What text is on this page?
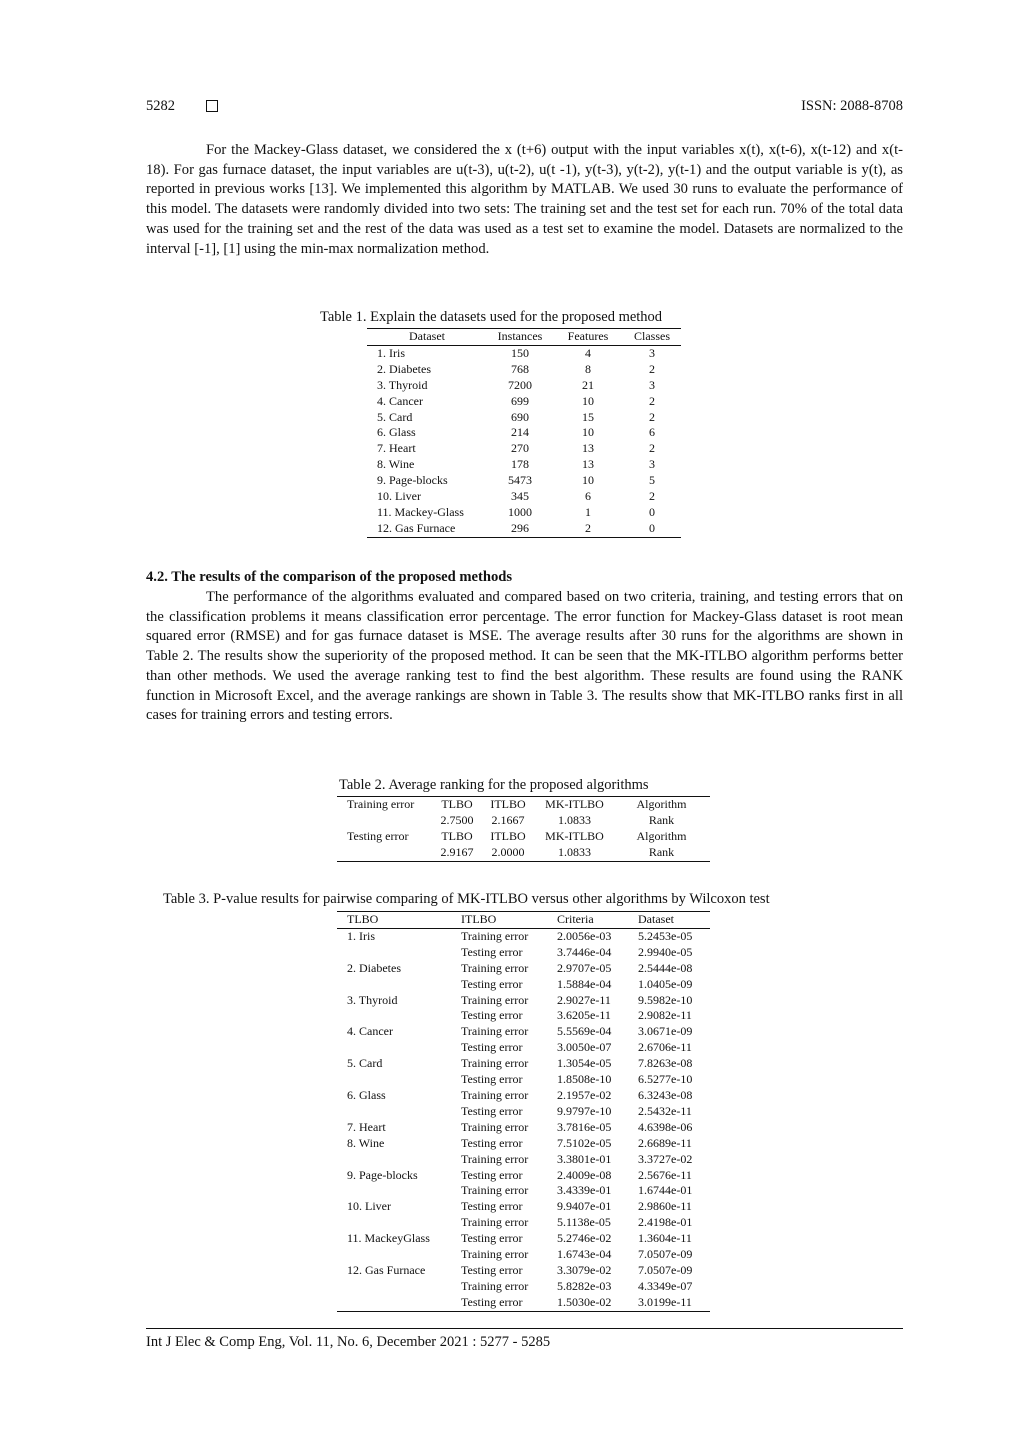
5282	ISSN: 2088-8708

For the Mackey-Glass dataset, we considered the x (t+6) output with the input variables x(t), x(t-6), x(t-12) and x(t-18). For gas furnace dataset, the input variables are u(t-3), u(t-2), u(t -1), y(t-3), y(t-2), y(t-1) and the output variable is y(t), as reported in previous works [13]. We implemented this algorithm by MATLAB. We used 30 runs to evaluate the performance of this model. The datasets were randomly divided into two sets: The training set and the test set for each run. 70% of the total data was used for the training set and the rest of the data was used as a test set to examine the model. Datasets are normalized to the interval [-1], [1] using the min-max normalization method.

Table 1. Explain the datasets used for the proposed method
Dataset	Instances	Features	Classes
1. Iris	150	4	3
2. Diabetes	768	8	2
3. Thyroid	7200	21	3
4. Cancer	699	10	2
5. Card	690	15	2
6. Glass	214	10	6
7. Heart	270	13	2
8. Wine	178	13	3
9. Page-blocks	5473	10	5
10. Liver	345	6	2
11. Mackey-Glass	1000	1	0
12. Gas Furnace	296	2	0
4.2. The results of the comparison of the proposed methods

The performance of the algorithms evaluated and compared based on two criteria, training, and testing errors that on the classification problems it means classification error percentage. The error function for Mackey-Glass dataset is root mean squared error (RMSE) and for gas furnace dataset is MSE. The average results after 30 runs for the algorithms are shown in Table 2. The results show the superiority of the proposed method. It can be seen that the MK-ITLBO algorithm performs better than other methods. We used the average ranking test to find the best algorithm. These results are found using the RANK function in Microsoft Excel, and the average rankings are shown in Table 3. The results show that MK-ITLBO ranks first in all cases for training errors and testing errors.

Table 2. Average ranking for the proposed algorithms
Training error	TLBO	ITLBO	MK-ITLBO	Algorithm
	2.7500	2.1667	1.0833	Rank
Testing error	TLBO	ITLBO	MK-ITLBO	Algorithm
	2.9167	2.0000	1.0833	Rank
Table 3. P-value results for pairwise comparing of MK-ITLBO versus other algorithms by Wilcoxon test
TLBO	ITLBO	Criteria	Dataset
1. Iris	Training error	2.0056e-03	5.2453e-05
	Testing error	3.7446e-04	2.9940e-05
2. Diabetes	Training error	2.9707e-05	2.5444e-08
	Testing error	1.5884e-04	1.0405e-09
3. Thyroid	Training error	2.9027e-11	9.5982e-10
	Testing error	3.6205e-11	2.9082e-11
4. Cancer	Training error	5.5569e-04	3.0671e-09
	Testing error	3.0050e-07	2.6706e-11
5. Card	Training error	1.3054e-05	7.8263e-08
	Testing error	1.8508e-10	6.5277e-10
6. Glass	Training error	2.1957e-02	6.3243e-08
	Testing error	9.9797e-10	2.5432e-11
7. Heart	Training error	3.7816e-05	4.6398e-06
8. Wine	Testing error	7.5102e-05	2.6689e-11
	Training error	3.3801e-01	3.3727e-02
9. Page-blocks	Testing error	2.4009e-08	2.5676e-11
	Training error	3.4339e-01	1.6744e-01
10. Liver	Testing error	9.9407e-01	2.9860e-11
	Training error	5.1138e-05	2.4198e-01
11. MackeyGlass	Testing error	5.2746e-02	1.3604e-11
	Training error	1.6743e-04	7.0507e-09
12. Gas Furnace	Testing error	3.3079e-02	7.0507e-09
	Training error	5.8282e-03	4.3349e-07
	Testing error	1.5030e-02	3.0199e-11
Int J Elec & Comp Eng, Vol. 11, No. 6, December 2021 : 5277 - 5285
